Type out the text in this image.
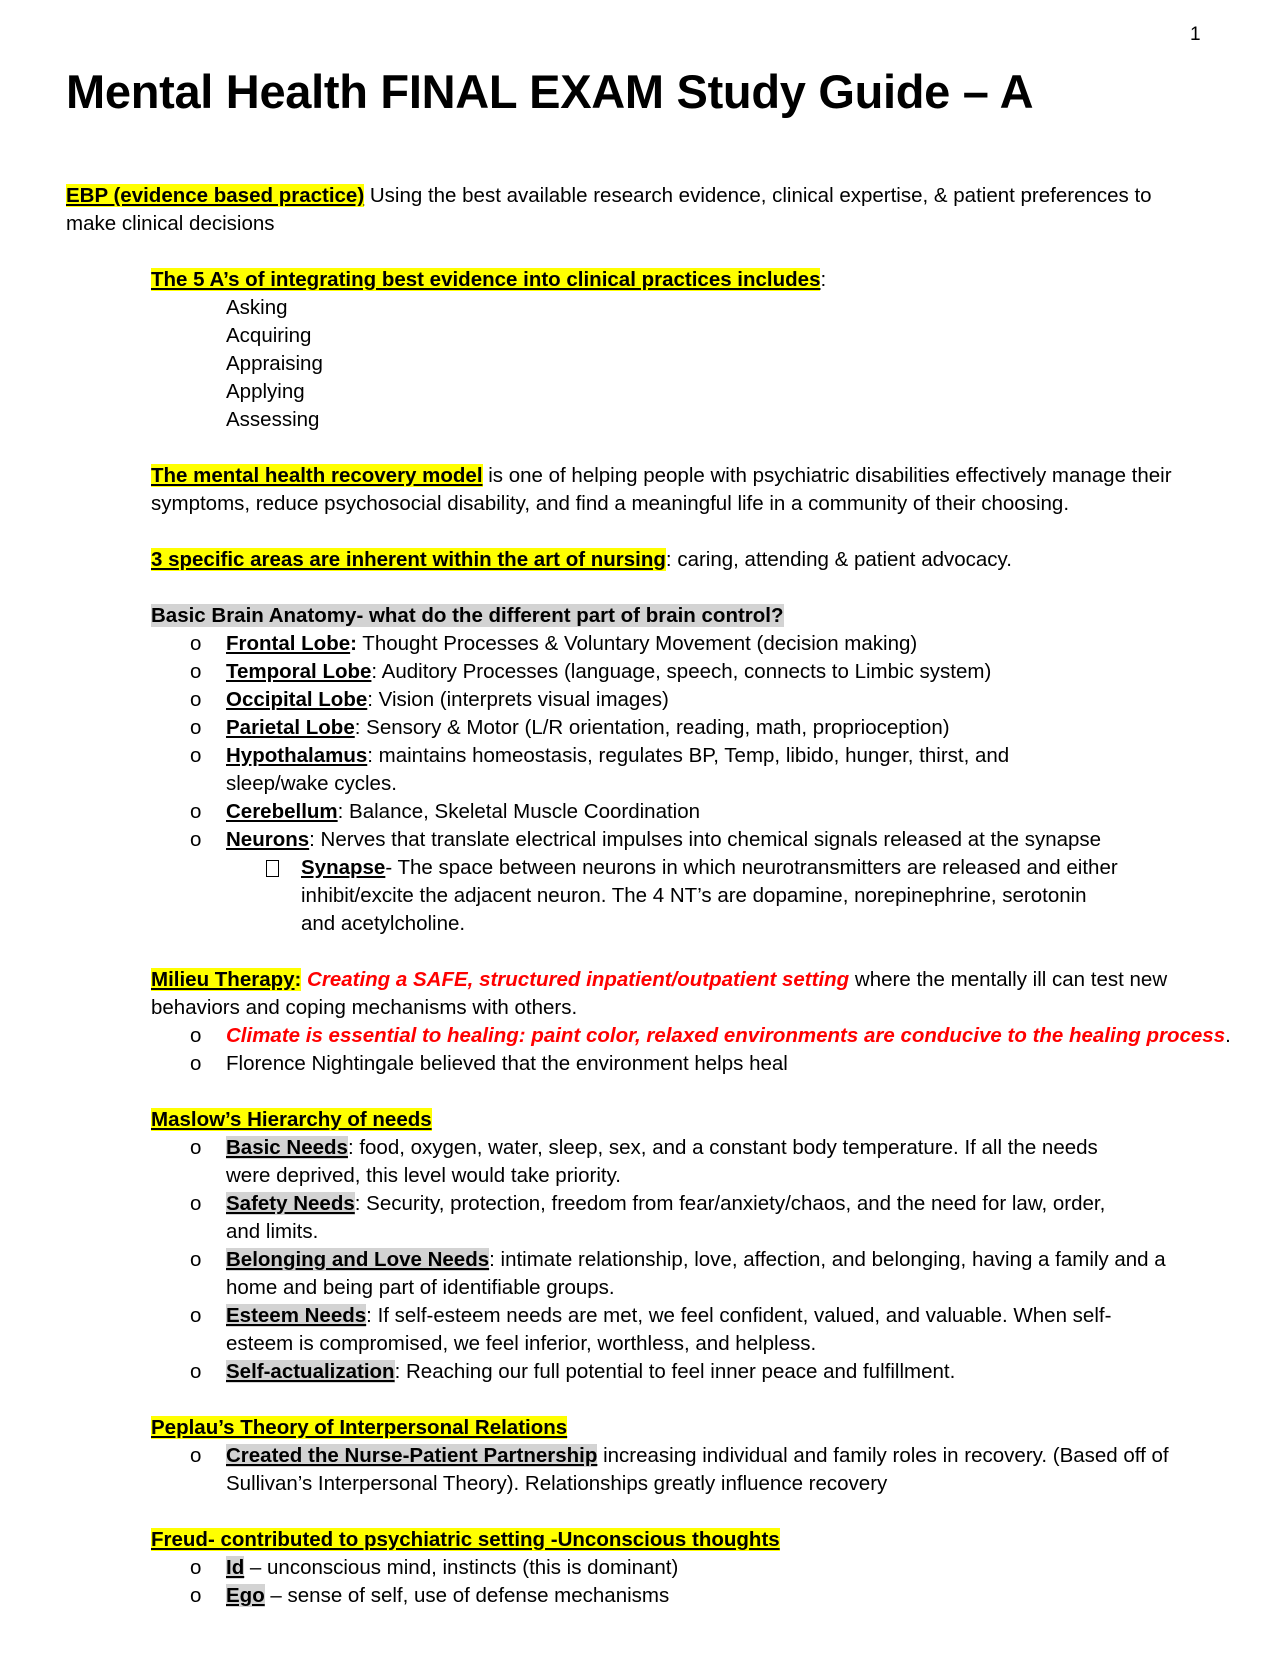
1
Mental Health FINAL EXAM Study Guide – A
EBP (evidence based practice) Using the best available research evidence, clinical expertise, & patient preferences to
make clinical decisions
The 5 A’s of integrating best evidence into clinical practices includes:
Asking
Acquiring
Appraising
Applying
Assessing
The mental health recovery model is one of helping people with psychiatric disabilities effectively manage their
symptoms, reduce psychosocial disability, and find a meaningful life in a community of their choosing.
3 specific areas are inherent within the art of nursing: caring, attending & patient advocacy.
Basic Brain Anatomy- what do the different part of brain control?
o Frontal Lobe: Thought Processes & Voluntary Movement (decision making)
o Temporal Lobe: Auditory Processes (language, speech, connects to Limbic system)
o Occipital Lobe: Vision (interprets visual images)
o Parietal Lobe: Sensory & Motor (L/R orientation, reading, math, proprioception)
o Hypothalamus: maintains homeostasis, regulates BP, Temp, libido, hunger, thirst, and
sleep/wake cycles.
o Cerebellum: Balance, Skeletal Muscle Coordination
o Neurons: Nerves that translate electrical impulses into chemical signals released at the synapse
Synapse- The space between neurons in which neurotransmitters are released and either
inhibit/excite the adjacent neuron. The 4 NT’s are dopamine, norepinephrine, serotonin
and acetylcholine.
Milieu Therapy: Creating a SAFE, structured inpatient/outpatient setting where the mentally ill can test new
behaviors and coping mechanisms with others.
o Climate is essential to healing: paint color, relaxed environments are conducive to the healing process.
o Florence Nightingale believed that the environment helps heal
Maslow’s Hierarchy of needs
o Basic Needs: food, oxygen, water, sleep, sex, and a constant body temperature. If all the needs
were deprived, this level would take priority.
o Safety Needs: Security, protection, freedom from fear/anxiety/chaos, and the need for law, order,
and limits.
o Belonging and Love Needs: intimate relationship, love, affection, and belonging, having a family and a
home and being part of identifiable groups.
o Esteem Needs: If self-esteem needs are met, we feel confident, valued, and valuable. When self-
esteem is compromised, we feel inferior, worthless, and helpless.
o Self-actualization: Reaching our full potential to feel inner peace and fulfillment.
Peplau’s Theory of Interpersonal Relations
o Created the Nurse-Patient Partnership increasing individual and family roles in recovery. (Based off of
Sullivan’s Interpersonal Theory). Relationships greatly influence recovery
Freud- contributed to psychiatric setting -Unconscious thoughts
o Id – unconscious mind, instincts (this is dominant)
o Ego – sense of self, use of defense mechanisms
